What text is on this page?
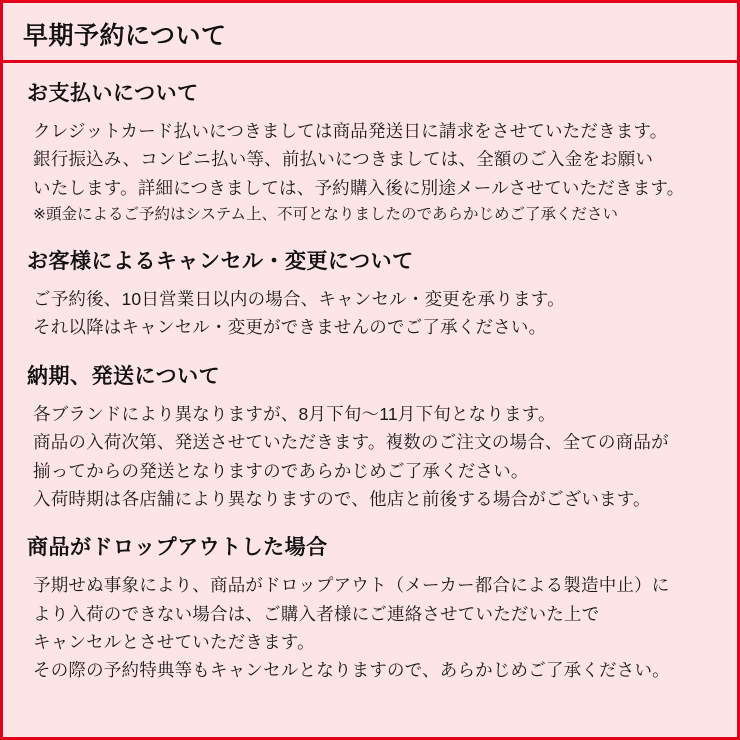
早期予約について
お支払いについて
クレジットカード払いにつきましては商品発送日に請求をさせていただきます。
銀行振込み、コンビニ払い等、前払いにつきましては、全額のご入金をお願い
いたします。詳細につきましては、予約購入後に別途メールさせていただきます。
※頭金によるご予約はシステム上、不可となりましたのであらかじめご了承ください
お客様によるキャンセル・変更について
ご予約後、10日営業日以内の場合、キャンセル・変更を承ります。
それ以降はキャンセル・変更ができませんのでご了承ください。
納期、発送について
各ブランドにより異なりますが、8月下旬〜11月下旬となります。
商品の入荷次第、発送させていただきます。複数のご注文の場合、全ての商品が
揃ってからの発送となりますのであらかじめご了承ください。
入荷時期は各店舗により異なりますので、他店と前後する場合がございます。
商品がドロップアウトした場合
予期せぬ事象により、商品がドロップアウト（メーカー都合による製造中止）に
より入荷のできない場合は、ご購入者様にご連絡させていただいた上で
キャンセルとさせていただきます。
その際の予約特典等もキャンセルとなりますので、あらかじめご了承ください。
